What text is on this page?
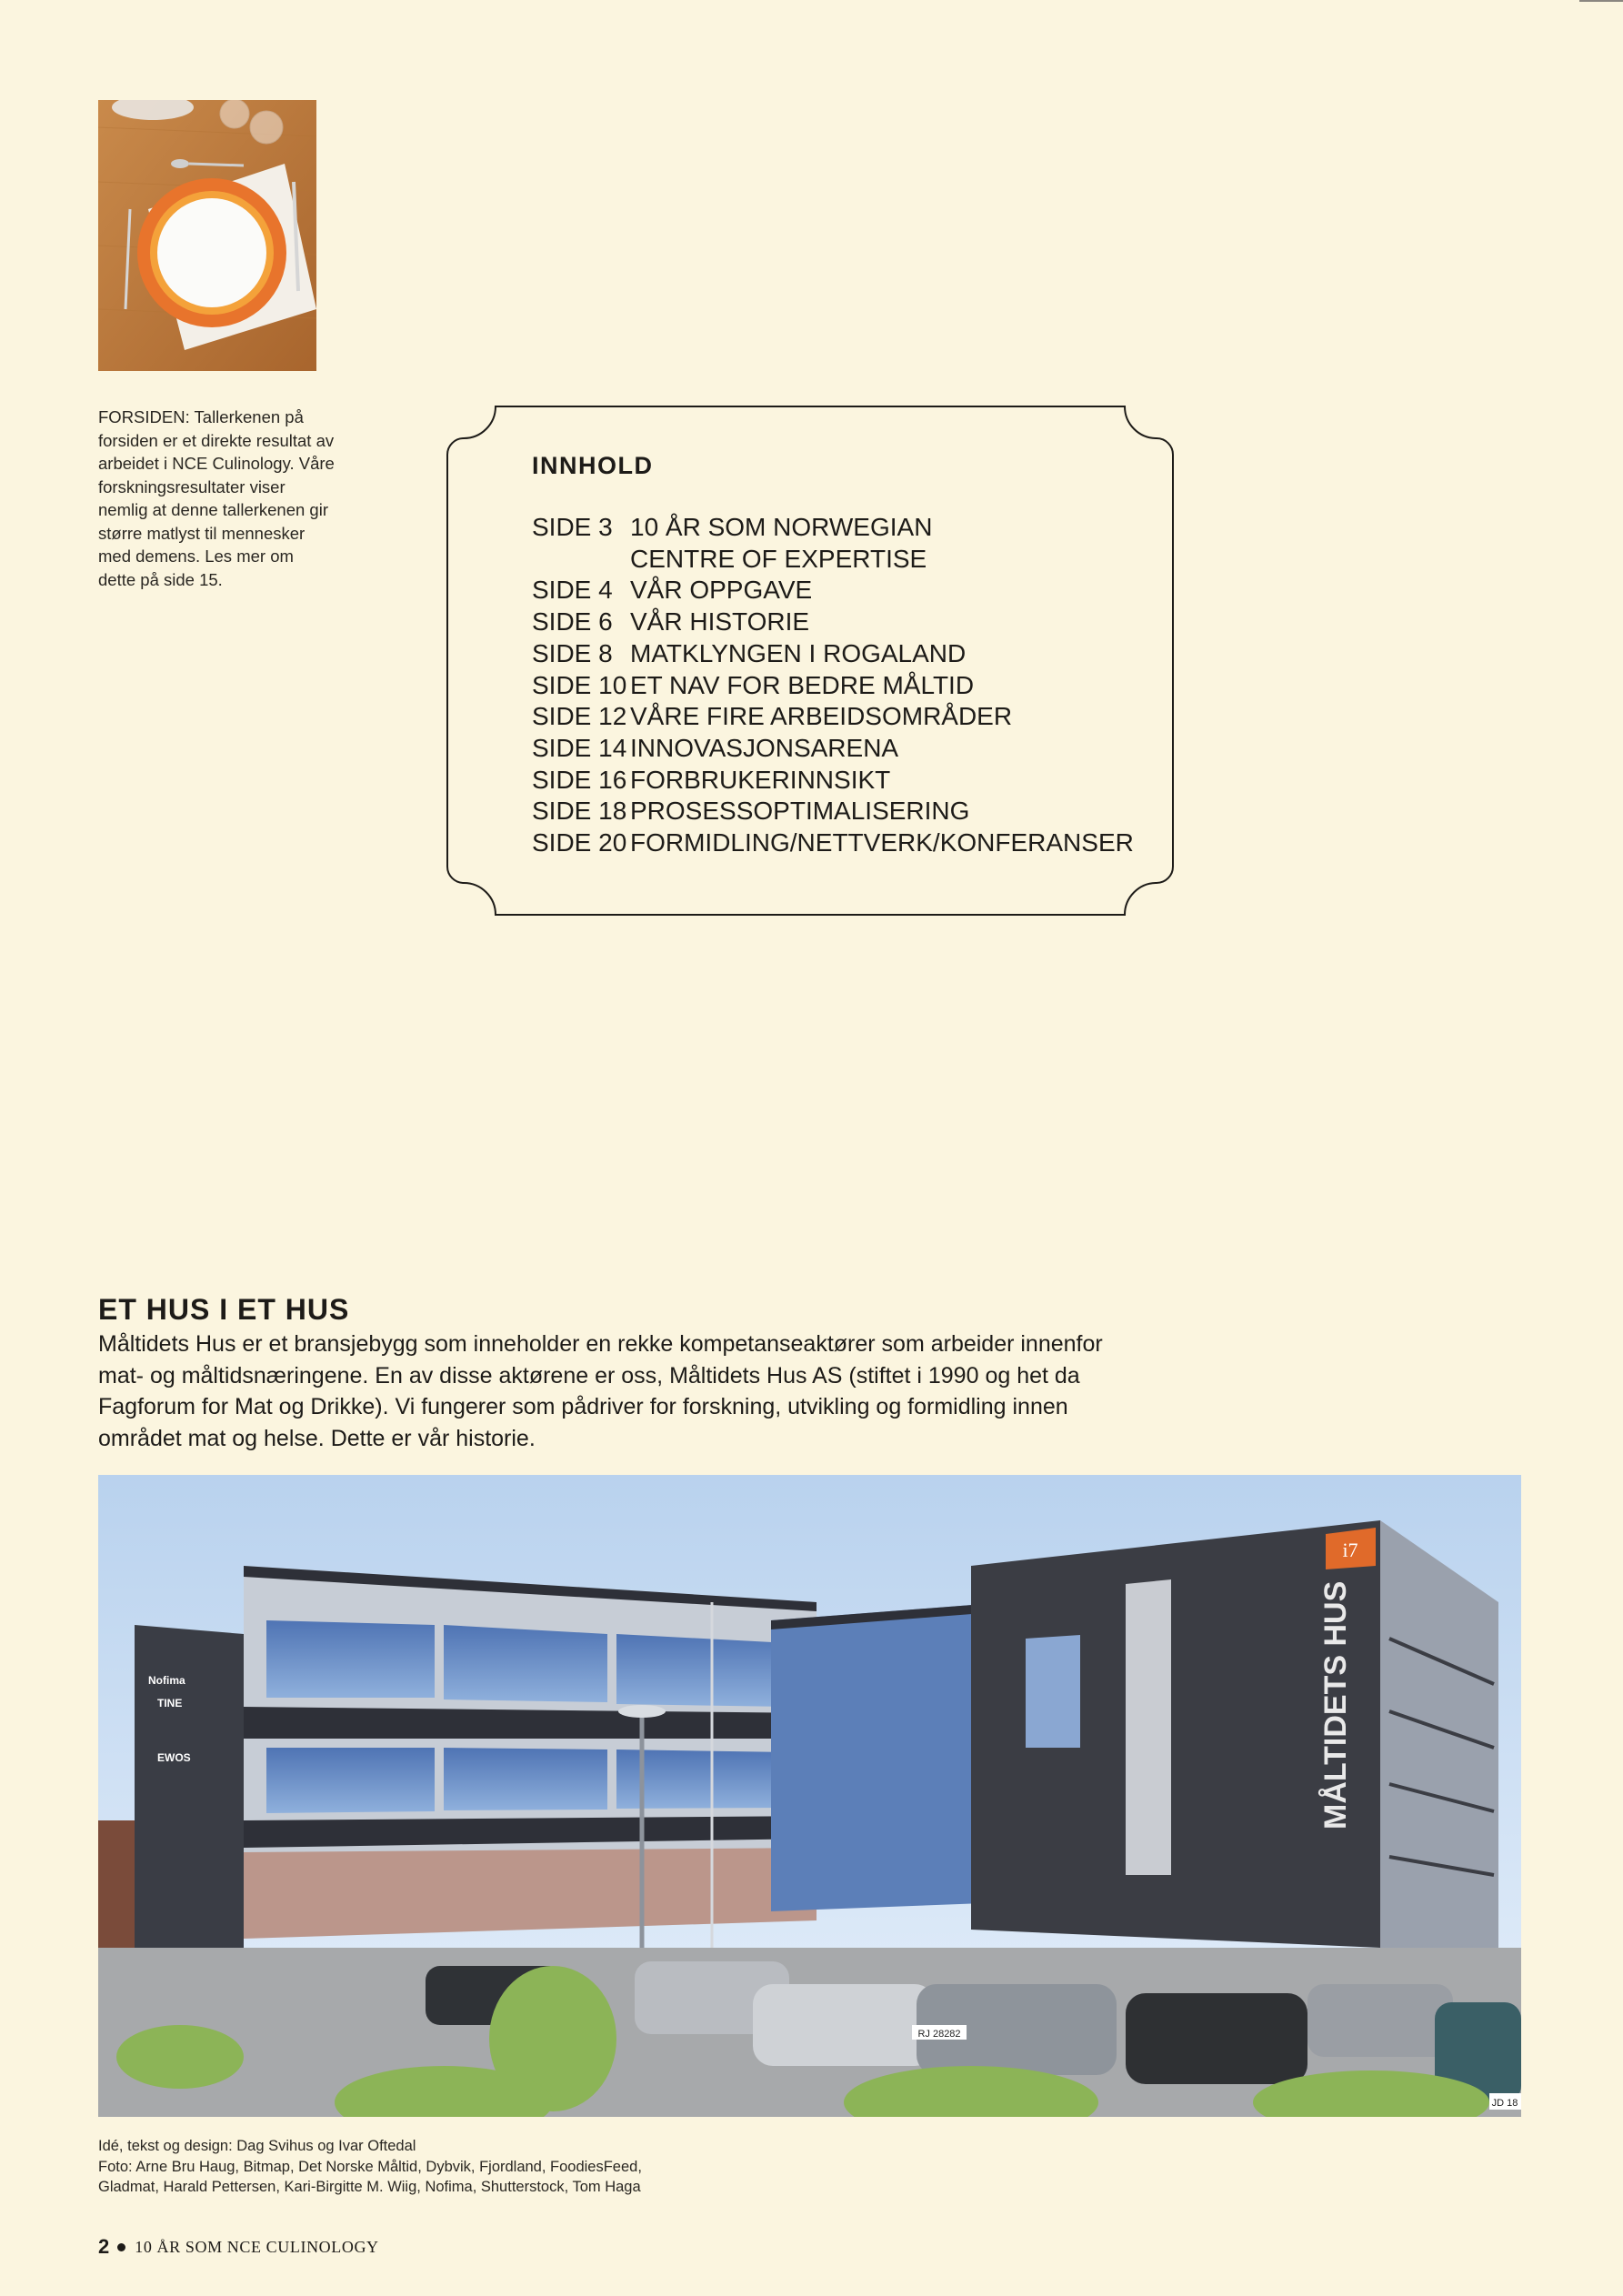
FORSIDEN: Tallerkenen på forsiden er et direkte resultat av arbeidet i NCE Culinology. Våre forskningsresultater viser nemlig at denne tallerkenen gir større matlyst til mennesker med demens. Les mer om dette på side 15.
INNHOLD
SIDE 3 10 ÅR SOM NORWEGIAN
CENTRE OF EXPERTISE
SIDE 4 VÅR OPPGAVE
SIDE 6 VÅR HISTORIE
SIDE 8 MATKLYNGEN I ROGALAND
SIDE 10 ET NAV FOR BEDRE MÅLTID
SIDE 12 VÅRE FIRE ARBEIDSOMRÅDER
SIDE 14 INNOVASJONSARENA
SIDE 16 FORBRUKERINNSIKT
SIDE 18 PROSESSOPTIMALISERING
SIDE 20 FORMIDLING/NETTVERK/KONFERANSER
ET HUS I ET HUS
Måltidets Hus er et bransjebygg som inneholder en rekke kompetanseaktører som arbeider innenfor mat- og måltidsnæringene. En av disse aktørene er oss, Måltidets Hus AS (stiftet i 1990 og het da Fagforum for Mat og Drikke). Vi fungerer som pådriver for forskning, utvikling og formidling innen området mat og helse. Dette er vår historie.
i7
MÅLTIDETS HUS
Nofima
TINE
EWOS
RJ 28282
JD 18
Idé, tekst og design: Dag Svihus og Ivar Oftedal
Foto: Arne Bru Haug, Bitmap, Det Norske Måltid, Dybvik, Fjordland, FoodiesFeed,
Gladmat, Harald Pettersen, Kari-Birgitte M. Wiig, Nofima, Shutterstock, Tom Haga
2 10 ÅR SOM NCE CULINOLOGY
